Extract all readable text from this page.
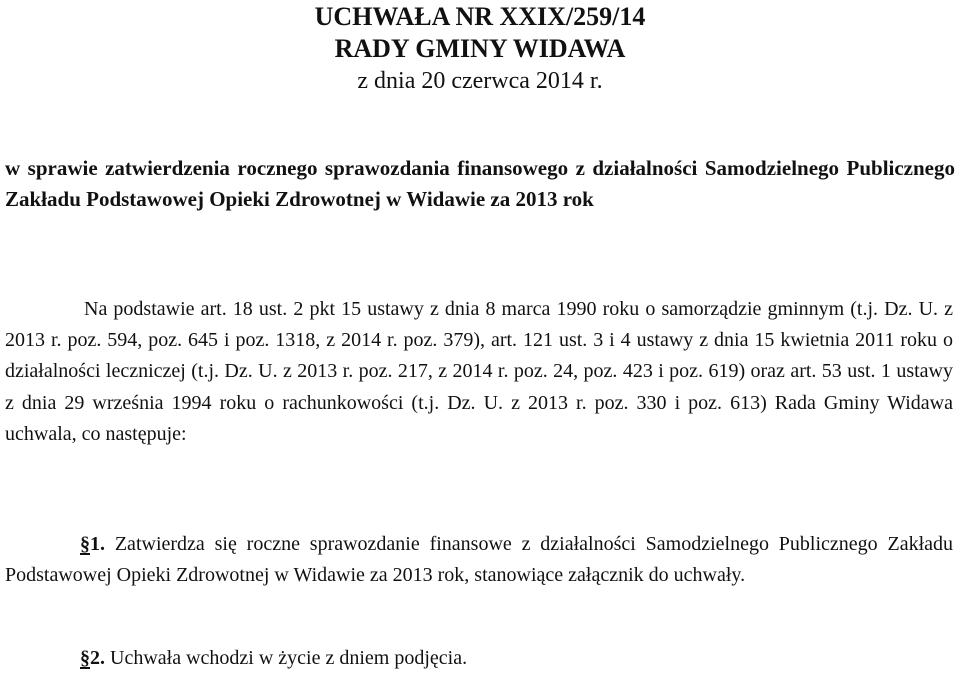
UCHWAŁA NR XXIX/259/14
RADY GMINY WIDAWA
z dnia 20 czerwca 2014 r.
w sprawie zatwierdzenia rocznego sprawozdania finansowego z działalności Samodzielnego Publicznego Zakładu Podstawowej Opieki Zdrowotnej w Widawie za 2013 rok
Na podstawie art. 18 ust. 2 pkt 15 ustawy z dnia 8 marca 1990 roku o samorządzie gminnym (t.j. Dz. U. z 2013 r. poz. 594, poz. 645 i poz. 1318, z 2014 r. poz. 379), art. 121 ust. 3 i 4 ustawy z dnia 15 kwietnia 2011 roku o działalności leczniczej (t.j. Dz. U. z 2013 r. poz. 217, z 2014 r. poz. 24, poz. 423 i poz. 619) oraz art. 53 ust. 1 ustawy z dnia 29 września 1994 roku o rachunkowości (t.j. Dz. U. z 2013 r. poz. 330 i poz. 613) Rada Gminy Widawa uchwala, co następuje:
§1. Zatwierdza się roczne sprawozdanie finansowe z działalności Samodzielnego Publicznego Zakładu Podstawowej Opieki Zdrowotnej w Widawie za 2013 rok, stanowiące załącznik do uchwały.
§2. Uchwała wchodzi w życie z dniem podjęcia.
